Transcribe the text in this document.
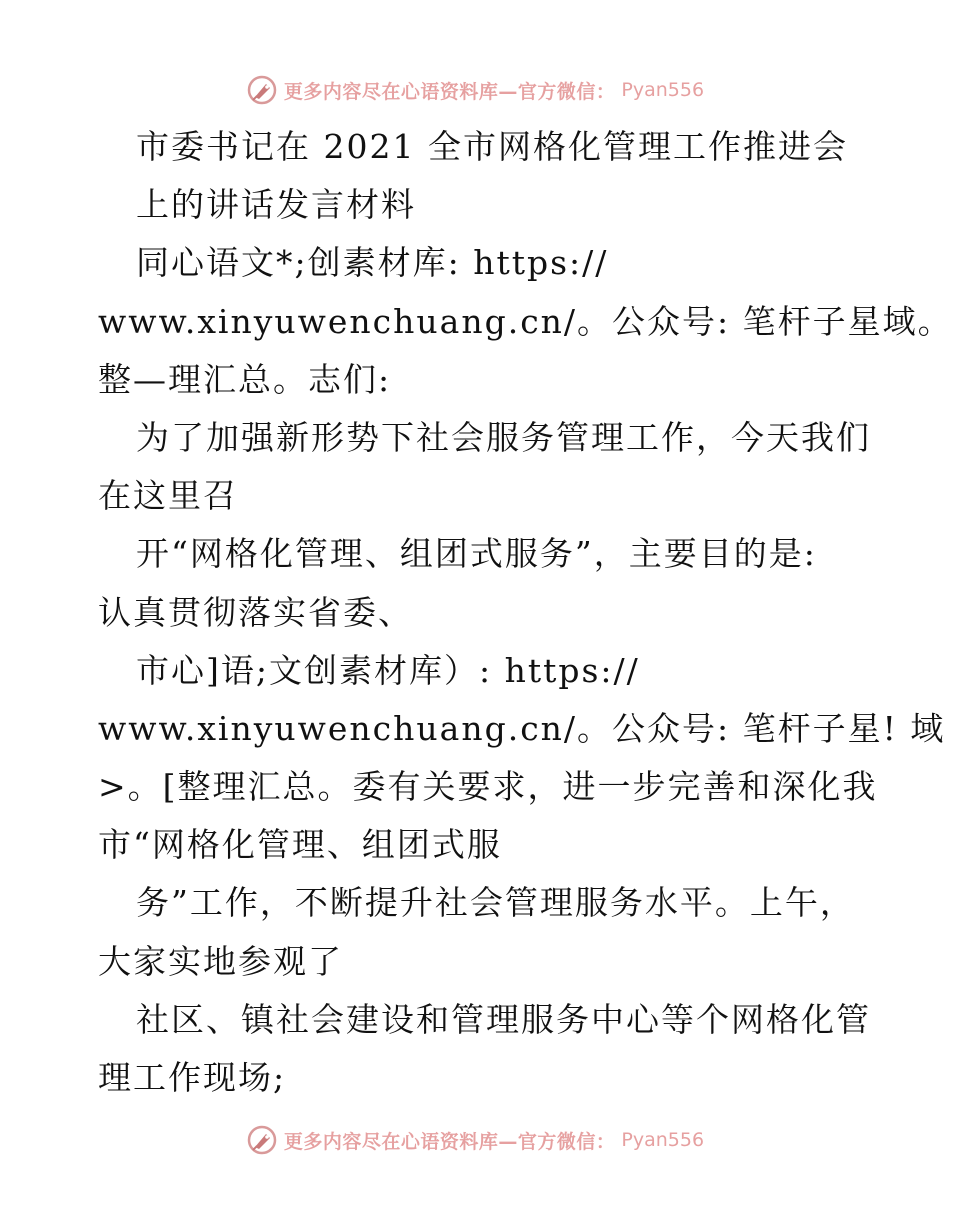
更多内容尽在心语资料库—官方微信： Pyan556
市委书记在 2021 全市网格化管理工作推进会
上的讲话发言材料
同心语文*;创素材库: https://
www.xinyuwenchuang.cn/。公众号: 笔杆子星域。
整—理汇总。志们:
为了加强新形势下社会服务管理工作，今天我们
在这里召
开“网格化管理、组团式服务”，主要目的是:
认真贯彻落实省委、
市心]语;文创素材库）: https://
www.xinyuwenchuang.cn/。公众号: 笔杆子星! 域
>。[整理汇总。委有关要求，进一步完善和深化我
市“网格化管理、组团式服
务”工作，不断提升社会管理服务水平。上午，
大家实地参观了
社区、镇社会建设和管理服务中心等个网格化管
理工作现场;
更多内容尽在心语资料库—官方微信： Pyan556
